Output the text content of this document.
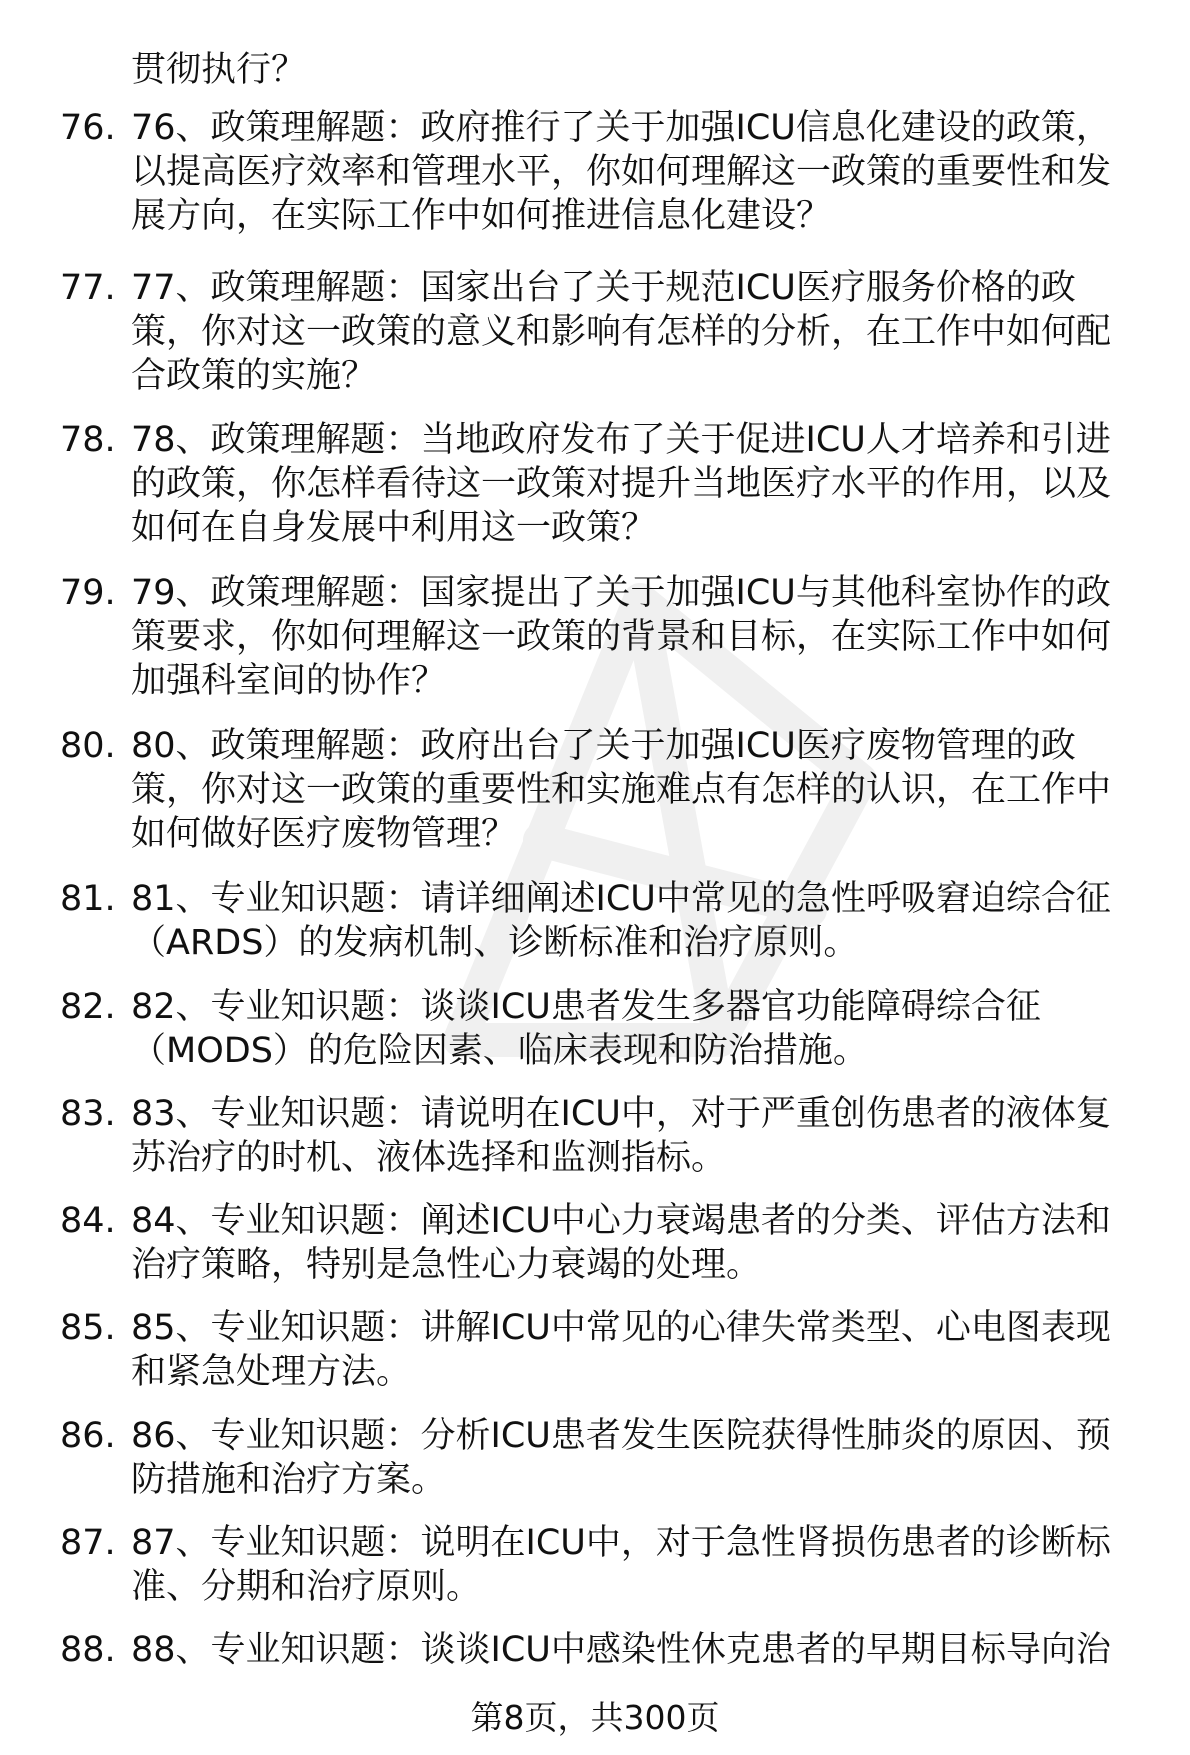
贯彻执行？
76. 76、政策理解题：政府推行了关于加强ICU信息化建设的政策，
以提高医疗效率和管理水平，你如何理解这一政策的重要性和发
展方向，在实际工作中如何推进信息化建设？

77. 77、政策理解题：国家出台了关于规范ICU医疗服务价格的政
策，你对这一政策的意义和影响有怎样的分析，在工作中如何配
合政策的实施？

78. 78、政策理解题：当地政府发布了关于促进ICU人才培养和引进
的政策，你怎样看待这一政策对提升当地医疗水平的作用，以及
如何在自身发展中利用这一政策？

79. 79、政策理解题：国家提出了关于加强ICU与其他科室协作的政
策要求，你如何理解这一政策的背景和目标，在实际工作中如何
加强科室间的协作？

80. 80、政策理解题：政府出台了关于加强ICU医疗废物管理的政
策，你对这一政策的重要性和实施难点有怎样的认识，在工作中
如何做好医疗废物管理？

81. 81、专业知识题：请详细阐述ICU中常见的急性呼吸窘迫综合征
（ARDS）的发病机制、诊断标准和治疗原则。

82. 82、专业知识题：谈谈ICU患者发生多器官功能障碍综合征
（MODS）的危险因素、临床表现和防治措施。

83. 83、专业知识题：请说明在ICU中，对于严重创伤患者的液体复
苏治疗的时机、液体选择和监测指标。

84. 84、专业知识题：阐述ICU中心力衰竭患者的分类、评估方法和
治疗策略，特别是急性心力衰竭的处理。

85. 85、专业知识题：讲解ICU中常见的心律失常类型、心电图表现
和紧急处理方法。

86. 86、专业知识题：分析ICU患者发生医院获得性肺炎的原因、预
防措施和治疗方案。

87. 87、专业知识题：说明在ICU中，对于急性肾损伤患者的诊断标
准、分期和治疗原则。

88. 88、专业知识题：谈谈ICU中感染性休克患者的早期目标导向治

第8页，共300页
